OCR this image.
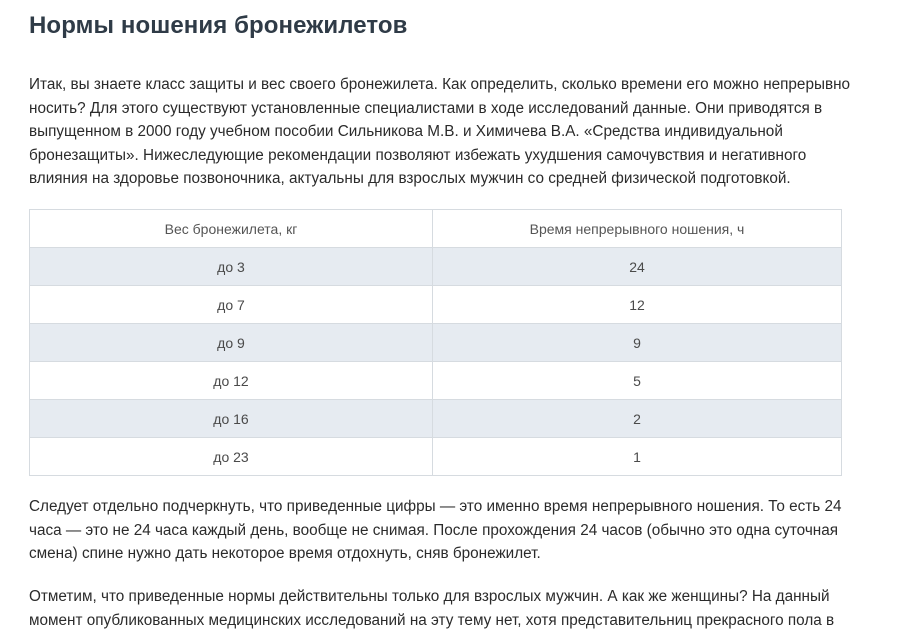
Нормы ношения бронежилетов

Итак, вы знаете класс защиты и вес своего бронежилета. Как определить, сколько времени его можно непрерывно носить? Для этого существуют установленные специалистами в ходе исследований данные. Они приводятся в выпущенном в 2000 году учебном пособии Сильникова М.В. и Химичева В.А. «Средства индивидуальной бронезащиты». Нижеследующие рекомендации позволяют избежать ухудшения самочувствия и негативного влияния на здоровье позвоночника, актуальны для взрослых мужчин со средней физической подготовкой.

Вес бронежилета, кг	Время непрерывного ношения, ч
до 3	24
до 7	12
до 9	9
до 12	5
до 16	2
до 23	1

Следует отдельно подчеркнуть, что приведенные цифры — это именно время непрерывного ношения. То есть 24 часа — это не 24 часа каждый день, вообще не снимая. После прохождения 24 часов (обычно это одна суточная смена) спине нужно дать некоторое время отдохнуть, сняв бронежилет.

Отметим, что приведенные нормы действительны только для взрослых мужчин. А как же женщины? На данный момент опубликованных медицинских исследований на эту тему нет, хотя представительниц прекрасного пола в
